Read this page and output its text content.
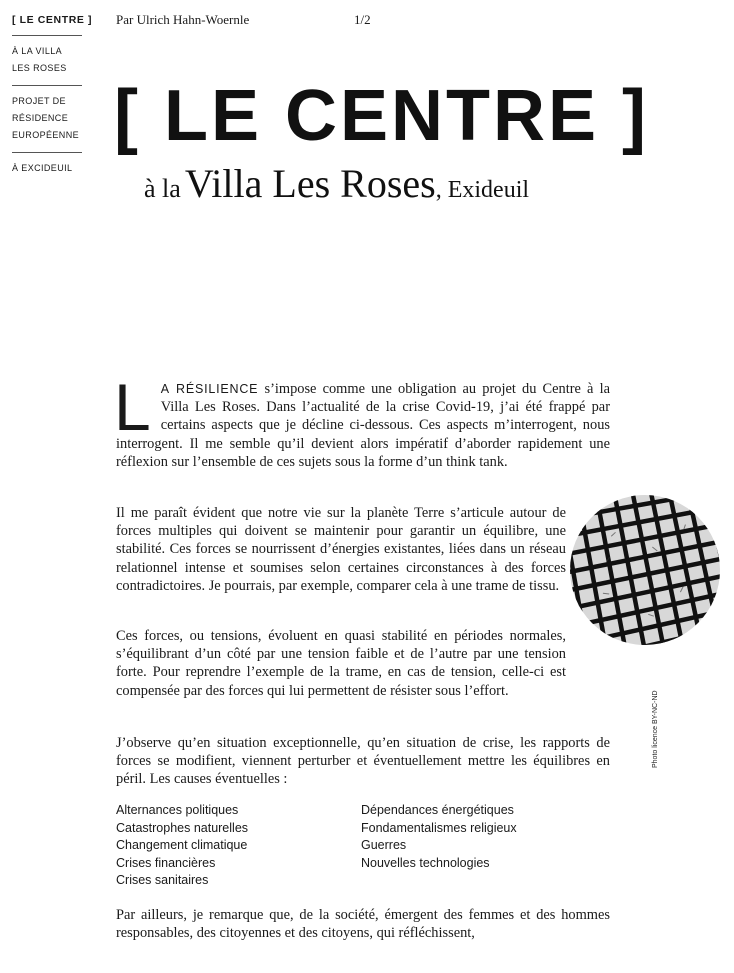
[ LE CENTRE ]
À LA VILLA
LES ROSES
PROJET DE
RÉSIDENCE
EUROPÉENNE
À EXCIDEUIL
Par Ulrich Hahn-Woernle	1/2
[ LE CENTRE ]
à la Villa Les Roses, Exideuil
L A RÉSILIENCE s’impose comme une obligation au projet du Centre à la Villa Les Roses. Dans l’actualité de la crise Covid-19, j’ai été frappé par certains aspects que je décline ci-dessous. Ces aspects m’interrogent, nous interrogent. Il me semble qu’il devient alors impératif d’aborder rapidement une réflexion sur l’ensemble de ces sujets sous la forme d’un think tank.
Il me paraît évident que notre vie sur la planète Terre s’articule autour de forces multiples qui doivent se maintenir pour garantir un équilibre, une stabilité. Ces forces se nourrissent d’énergies existantes, liées dans un réseau relationnel intense et soumises selon certaines circonstances à des forces contradictoires. Je pourrais, par exemple, comparer cela à une trame de tissu.
Ces forces, ou tensions, évoluent en quasi stabilité en périodes normales, s’équilibrant d’un côté par une tension faible et de l’autre par une tension forte. Pour reprendre l’exemple de la trame, en cas de tension, celle-ci est compensée par des forces qui lui permettent de résister sous l’effort.
J’observe qu’en situation exceptionnelle, qu’en situation de crise, les rapports de forces se modifient, viennent perturber et éventuellement mettre les équilibres en péril. Les causes éventuelles :
Alternances politiques
Catastrophes naturelles
Changement climatique
Crises financières
Crises sanitaires
Dépendances énergétiques
Fondamentalismes religieux
Guerres
Nouvelles technologies
Par ailleurs, je remarque que, de la société, émergent des femmes et des hommes responsables, des citoyennes et des citoyens, qui réfléchissent,
Photo licence BY-NC-ND
